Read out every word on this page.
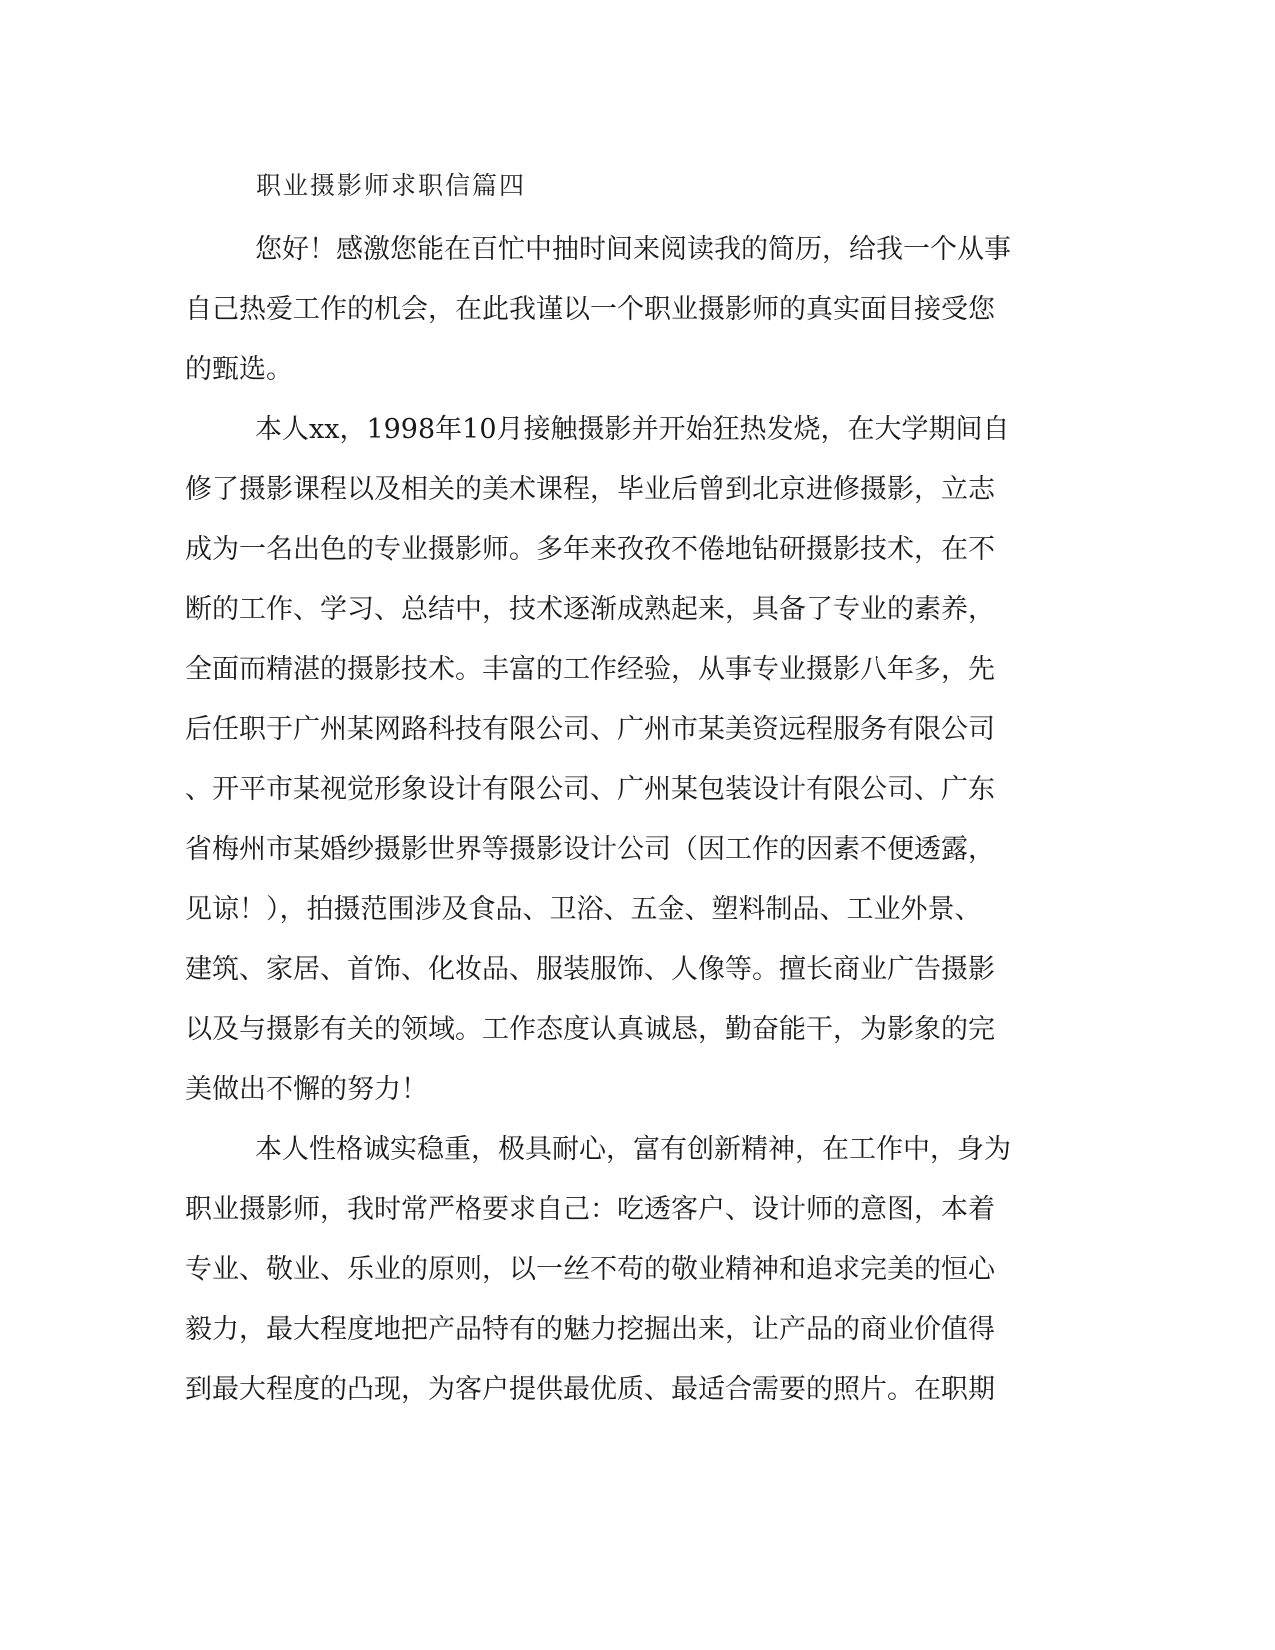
职业摄影师求职信篇四
您好！感激您能在百忙中抽时间来阅读我的简历，给我一个从事
自己热爱工作的机会，在此我谨以一个职业摄影师的真实面目接受您
的甄选。
本人xx，1998年10月接触摄影并开始狂热发烧，在大学期间自
修了摄影课程以及相关的美术课程，毕业后曾到北京进修摄影，立志
成为一名出色的专业摄影师。多年来孜孜不倦地钻研摄影技术，在不
断的工作、学习、总结中，技术逐渐成熟起来，具备了专业的素养，
全面而精湛的摄影技术。丰富的工作经验，从事专业摄影八年多，先
后任职于广州某网路科技有限公司、广州市某美资远程服务有限公司
、开平市某视觉形象设计有限公司、广州某包装设计有限公司、广东
省梅州市某婚纱摄影世界等摄影设计公司（因工作的因素不便透露，
见谅！），拍摄范围涉及食品、卫浴、五金、塑料制品、工业外景、
建筑、家居、首饰、化妆品、服装服饰、人像等。擅长商业广告摄影
以及与摄影有关的领域。工作态度认真诚恳，勤奋能干，为影象的完
美做出不懈的努力！
本人性格诚实稳重，极具耐心，富有创新精神，在工作中，身为
职业摄影师，我时常严格要求自己：吃透客户、设计师的意图，本着
专业、敬业、乐业的原则，以一丝不苟的敬业精神和追求完美的恒心
毅力，最大程度地把产品特有的魅力挖掘出来，让产品的商业价值得
到最大程度的凸现，为客户提供最优质、最适合需要的照片。在职期
